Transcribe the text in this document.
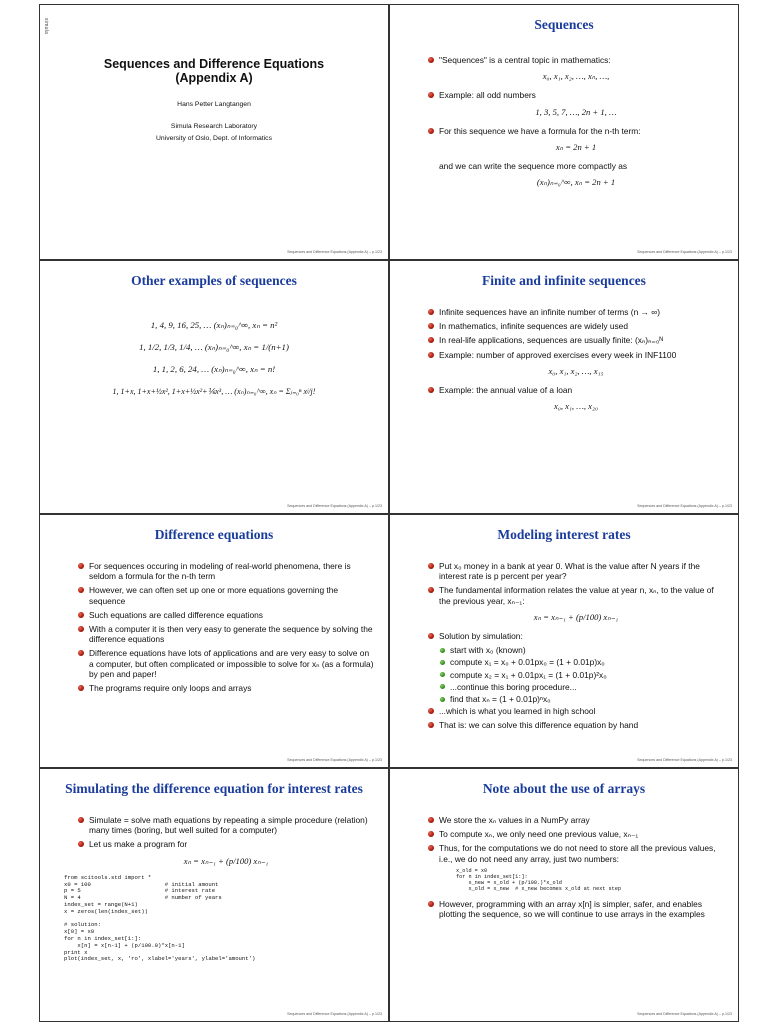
simula
Sequences and Difference Equations
(Appendix A)
Hans Petter Langtangen
Simula Research Laboratory
University of Oslo, Dept. of Informatics
Sequences and Difference Equations (Appendix A) – p.1/23
Sequences
"Sequences" is a central topic in mathematics:
x₀, x₁, x₂, …, xₙ, …,
Example: all odd numbers
1, 3, 5, 7, …, 2n + 1, …
For this sequence we have a formula for the n-th term:
xₙ = 2n + 1
and we can write the sequence more compactly as
(xₙ)ₙ₌₀^∞, xₙ = 2n + 1
Sequences and Difference Equations (Appendix A) – p.1/23
Other examples of sequences
1, 4, 9, 16, 25, … (xₙ)ₙ₌₀^∞, xₙ = n²
1, 1/2, 1/3, 1/4, … (xₙ)ₙ₌₀^∞, xₙ = 1/(n+1)
1, 1, 2, 6, 24, … (xₙ)ₙ₌₀^∞, xₙ = n!
1, 1+x, 1+x+½x², 1+x+½x²+⅙x³, … (xₙ)ₙ₌₀^∞, xₙ = Σⱼ₌₀ⁿ xʲ/j!
Sequences and Difference Equations (Appendix A) – p.1/23
Finite and infinite sequences
Infinite sequences have an infinite number of terms (n → ∞)
In mathematics, infinite sequences are widely used
In real-life applications, sequences are usually finite: (xₙ)ₙ₌₀ᴺ
Example: number of approved exercises every week in INF1100
x₀, x₁, x₂, …, x₁₅
Example: the annual value of a loan
x₀, x₁, …, x₂₀
Sequences and Difference Equations (Appendix A) – p.1/23
Difference equations
For sequences occuring in modeling of real-world phenomena, there is seldom a formula for the n-th term
However, we can often set up one or more equations governing the sequence
Such equations are called difference equations
With a computer it is then very easy to generate the sequence by solving the difference equations
Difference equations have lots of applications and are very easy to solve on a computer, but often complicated or impossible to solve for xₙ (as a formula) by pen and paper!
The programs require only loops and arrays
Sequences and Difference Equations (Appendix A) – p.1/23
Modeling interest rates
Put x₀ money in a bank at year 0. What is the value after N years if the interest rate is p percent per year?
The fundamental information relates the value at year n, xₙ, to the value of the previous year, xₙ₋₁:
xₙ = xₙ₋₁ + (p/100) xₙ₋₁
Solution by simulation:
start with x₀ (known)
compute x₁ = x₀ + 0.01px₀ = (1 + 0.01p)x₀
compute x₂ = x₁ + 0.01px₁ = (1 + 0.01p)²x₀
...continue this boring procedure...
find that xₙ = (1 + 0.01p)ⁿx₀
...which is what you learned in high school
That is: we can solve this difference equation by hand
Sequences and Difference Equations (Appendix A) – p.1/23
Simulating the difference equation for interest rates
Simulate = solve math equations by repeating a simple procedure (relation) many times (boring, but well suited for a computer)
Let us make a program for
xₙ = xₙ₋₁ + (p/100) xₙ₋₁
from scitools.std import *
x0 = 100                      # initial amount
p = 5                         # interest rate
N = 4                         # number of years
index_set = range(N+1)
x = zeros(len(index_set))

# solution:
x[0] = x0
for n in index_set[1:]:
x[n] = x[n-1] + (p/100.0)*x[n-1]
print x
plot(index_set, x, 'ro', xlabel='years', ylabel='amount')
Sequences and Difference Equations (Appendix A) – p.1/23
Note about the use of arrays
We store the xₙ values in a NumPy array
To compute xₙ, we only need one previous value, xₙ₋₁
Thus, for the computations we do not need to store all the previous values, i.e., we do not need any array, just two numbers:
x_old = x0
for n in index_set[1:]:
x_new = x_old + (p/100.)*x_old
x_old = x_new  # x_new becomes x_old at next step
However, programming with an array x[n] is simpler, safer, and enables plotting the sequence, so we will continue to use arrays in the examples
Sequences and Difference Equations (Appendix A) – p.1/23
